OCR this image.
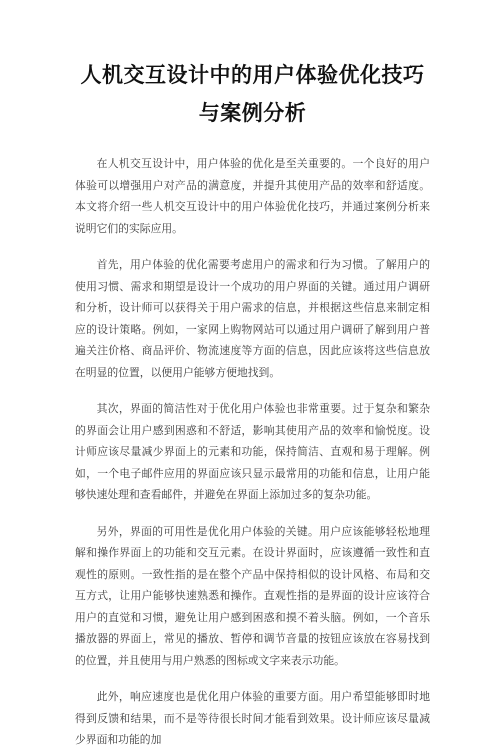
人机交互设计中的用户体验优化技巧与案例分析

在人机交互设计中，用户体验的优化是至关重要的。一个良好的用户体验可以增强用户对产品的满意度，并提升其使用产品的效率和舒适度。本文将介绍一些人机交互设计中的用户体验优化技巧，并通过案例分析来说明它们的实际应用。

首先，用户体验的优化需要考虑用户的需求和行为习惯。了解用户的使用习惯、需求和期望是设计一个成功的用户界面的关键。通过用户调研和分析，设计师可以获得关于用户需求的信息，并根据这些信息来制定相应的设计策略。例如，一家网上购物网站可以通过用户调研了解到用户普遍关注价格、商品评价、物流速度等方面的信息，因此应该将这些信息放在明显的位置，以便用户能够方便地找到。

其次，界面的简洁性对于优化用户体验也非常重要。过于复杂和繁杂的界面会让用户感到困惑和不舒适，影响其使用产品的效率和愉悦度。设计师应该尽量减少界面上的元素和功能，保持简洁、直观和易于理解。例如，一个电子邮件应用的界面应该只显示最常用的功能和信息，让用户能够快速处理和查看邮件，并避免在界面上添加过多的复杂功能。

另外，界面的可用性是优化用户体验的关键。用户应该能够轻松地理解和操作界面上的功能和交互元素。在设计界面时，应该遵循一致性和直观性的原则。一致性指的是在整个产品中保持相似的设计风格、布局和交互方式，让用户能够快速熟悉和操作。直观性指的是界面的设计应该符合用户的直觉和习惯，避免让用户感到困惑和摸不着头脑。例如，一个音乐播放器的界面上，常见的播放、暂停和调节音量的按钮应该放在容易找到的位置，并且使用与用户熟悉的图标或文字来表示功能。

此外，响应速度也是优化用户体验的重要方面。用户希望能够即时地得到反馈和结果，而不是等待很长时间才能看到效果。设计师应该尽量减少界面和功能的加
